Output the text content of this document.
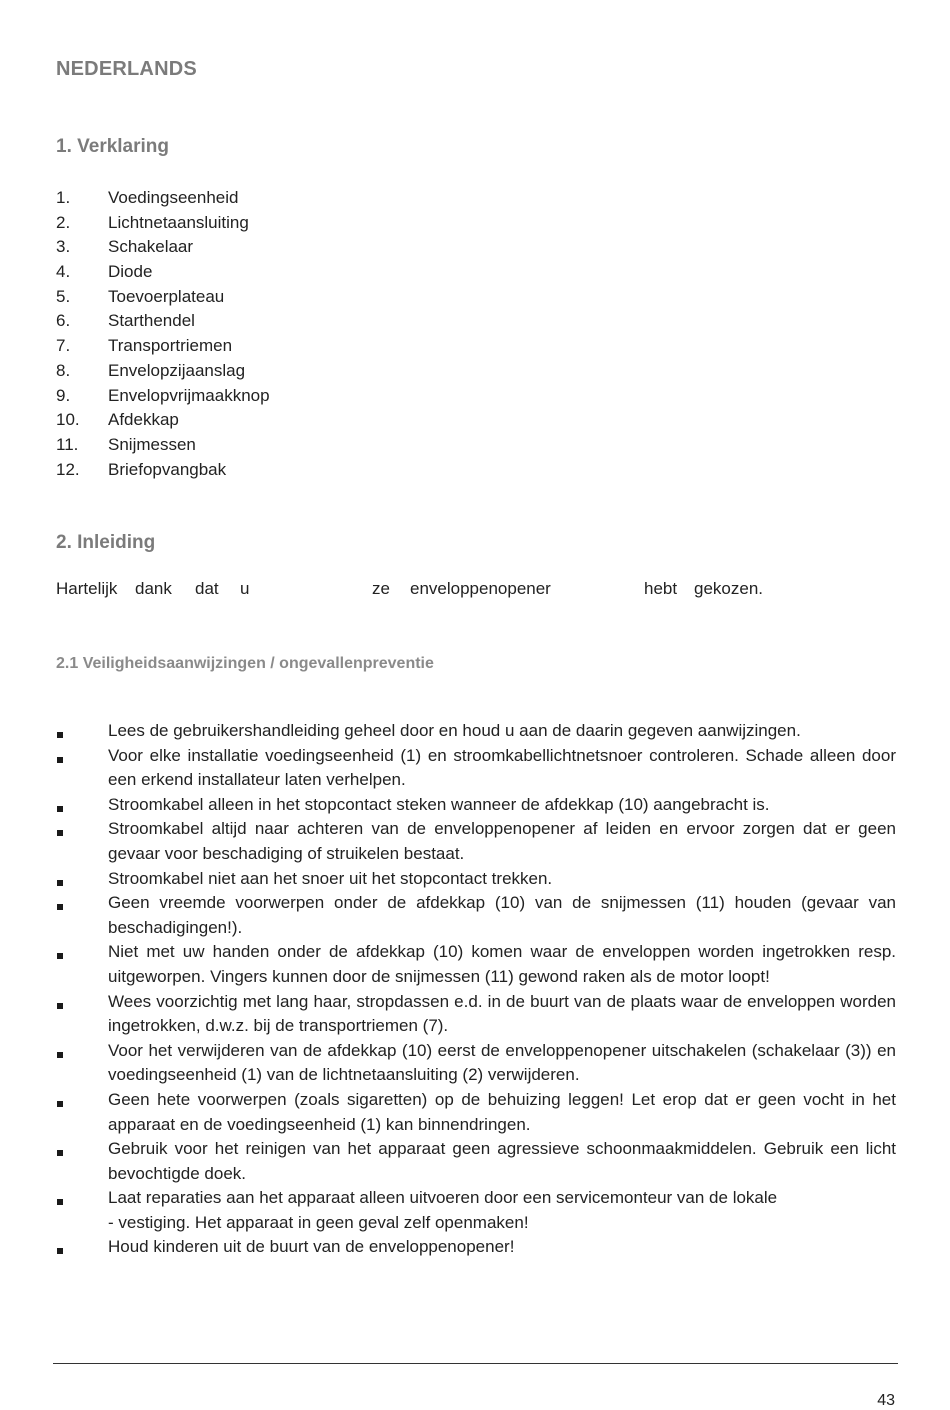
NEDERLANDS
1. Verklaring
1. Voedingseenheid
2. Lichtnetaansluiting
3. Schakelaar
4. Diode
5. Toevoerplateau
6. Starthendel
7. Transportriemen
8. Envelopzijaanslag
9. Envelopvrijmaakknop
10. Afdekkap
11. Snijmessen
12. Briefopvangbak
2. Inleiding
Hartelijk dank dat u	ze enveloppenopener	hebt gekozen.
2.1 Veiligheidsaanwijzingen / ongevallenpreventie
Lees de gebruikershandleiding geheel door en houd u aan de daarin gegeven aanwijzingen.
Voor elke installatie voedingseenheid (1) en stroomkabellichtnetsnoer controleren. Schade alleen door een erkend installateur laten verhelpen.
Stroomkabel alleen in het stopcontact steken wanneer de afdekkap (10) aangebracht is.
Stroomkabel altijd naar achteren van de enveloppenopener af leiden en ervoor zorgen dat er geen gevaar voor beschadiging of struikelen bestaat.
Stroomkabel niet aan het snoer uit het stopcontact trekken.
Geen vreemde voorwerpen onder de afdekkap (10) van de snijmessen (11) houden (gevaar van beschadigingen!).
Niet met uw handen onder de afdekkap (10) komen waar de enveloppen worden ingetrokken resp. uitgeworpen. Vingers kunnen door de snijmessen (11) gewond raken als de motor loopt!
Wees voorzichtig met lang haar, stropdassen e.d. in de buurt van de plaats waar de enveloppen worden ingetrokken, d.w.z. bij de transportriemen (7).
Voor het verwijderen van de afdekkap (10) eerst de enveloppenopener uitschakelen (schakelaar (3)) en voedingseenheid (1) van de lichtnetaansluiting (2) verwijderen.
Geen hete voorwerpen (zoals sigaretten) op de behuizing leggen! Let erop dat er geen vocht in het apparaat en de voedingseenheid (1) kan binnendringen.
Gebruik voor het reinigen van het apparaat geen agressieve schoonmaakmiddelen. Gebruik een licht bevochtigde doek.
Laat reparaties aan het apparaat alleen uitvoeren door een servicemonteur van de lokale
- vestiging. Het apparaat in geen geval zelf openmaken!
Houd kinderen uit de buurt van de enveloppenopener!
43
